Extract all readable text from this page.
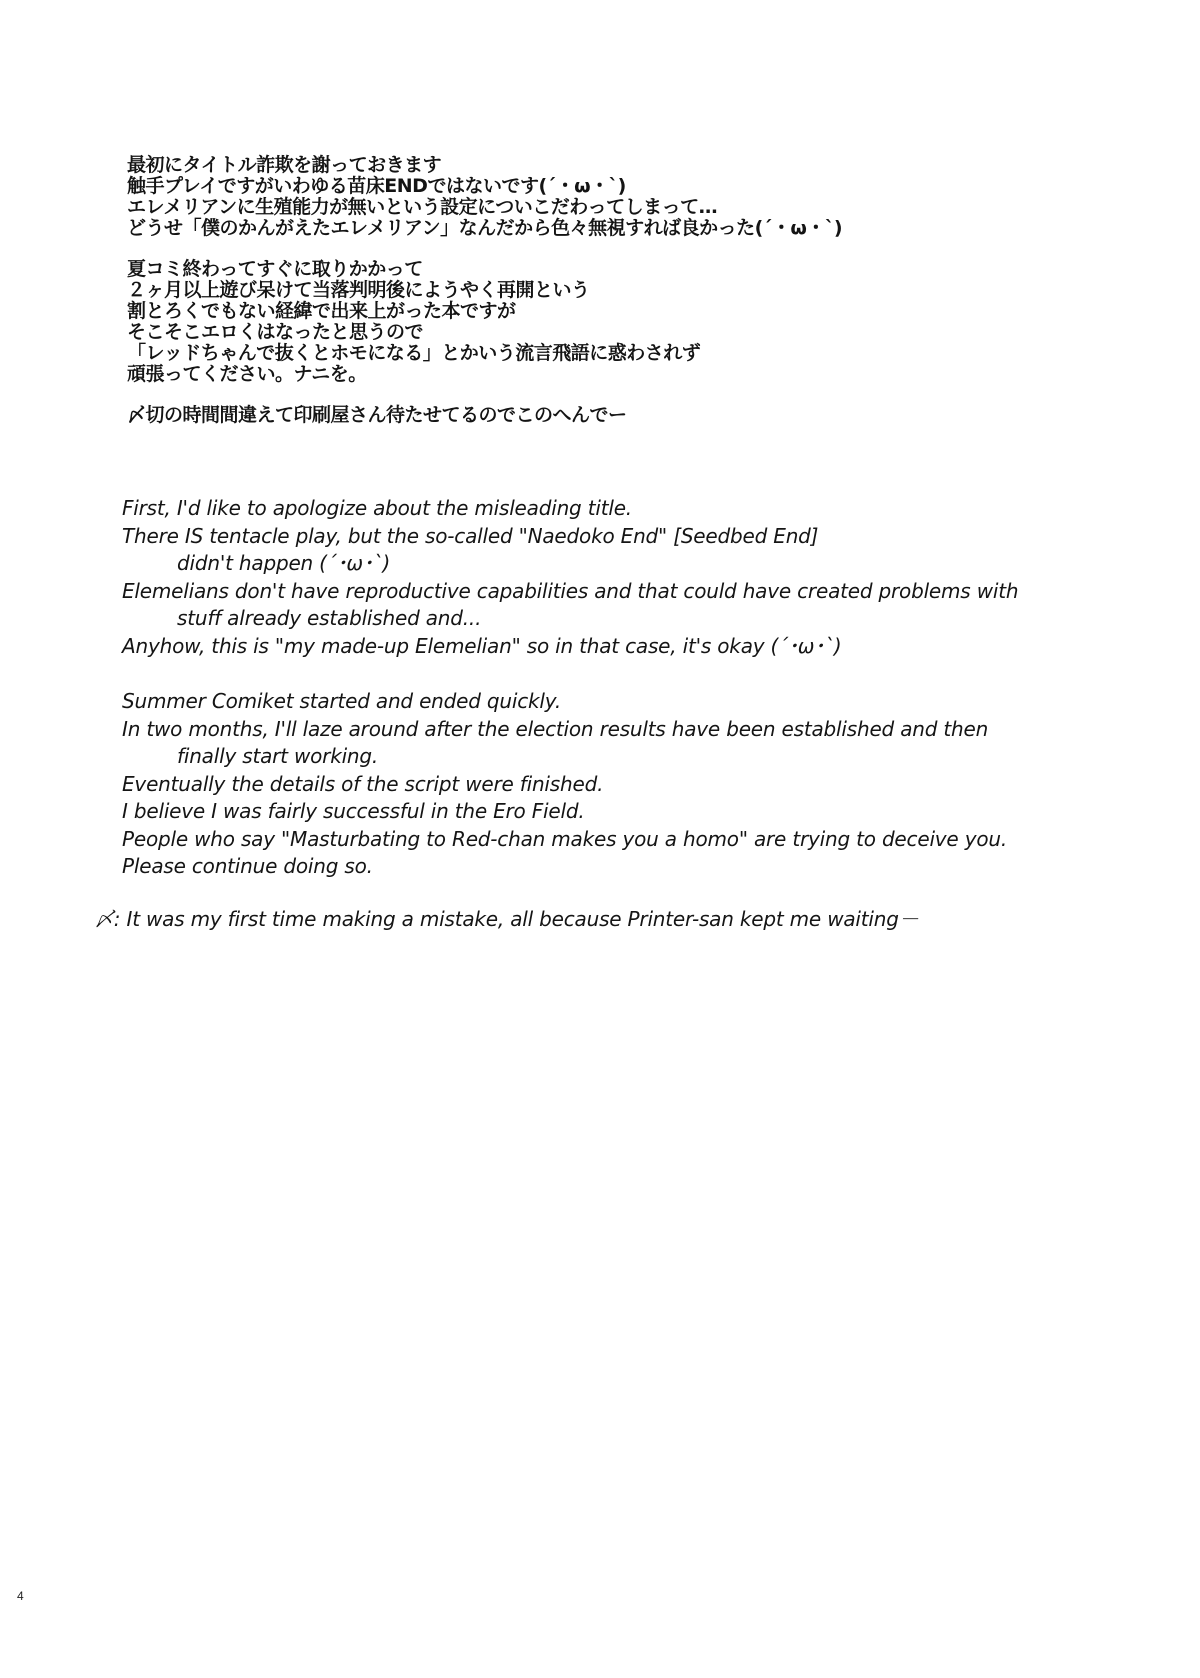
最初にタイトル詐欺を謝っておきます
触手プレイですがいわゆる苗床ENDではないです(´・ω・`)
エレメリアンに生殖能力が無いという設定についこだわってしまって…
どうせ「僕のかんがえたエレメリアン」なんだから色々無視すれば良かった(´・ω・`)

夏コミ終わってすぐに取りかかって
２ヶ月以上遊び呆けて当落判明後にようやく再開という
割とろくでもない経緯で出来上がった本ですが
そこそこエロくはなったと思うので
「レッドちゃんで抜くとホモになる」とかいう流言飛語に惑わされず
頑張ってください。ナニを。

〆切の時間間違えて印刷屋さん待たせてるのでこのへんでー

First, I'd like to apologize about the misleading title.
There IS tentacle play, but the so-called "Naedoko End" [Seedbed End]
didn't happen (´･ω･`)
Elemelians don't have reproductive capabilities and that could have created problems with
stuff already established and...
Anyhow, this is "my made-up Elemelian" so in that case, it's okay (´･ω･`)

Summer Comiket started and ended quickly.
In two months, I'll laze around after the election results have been established and then
finally start working.
Eventually the details of the script were finished.
I believe I was fairly successful in the Ero Field.
People who say "Masturbating to Red-chan makes you a homo" are trying to deceive you.
Please continue doing so.

〆: It was my first time making a mistake, all because Printer-san kept me waiting－
4
